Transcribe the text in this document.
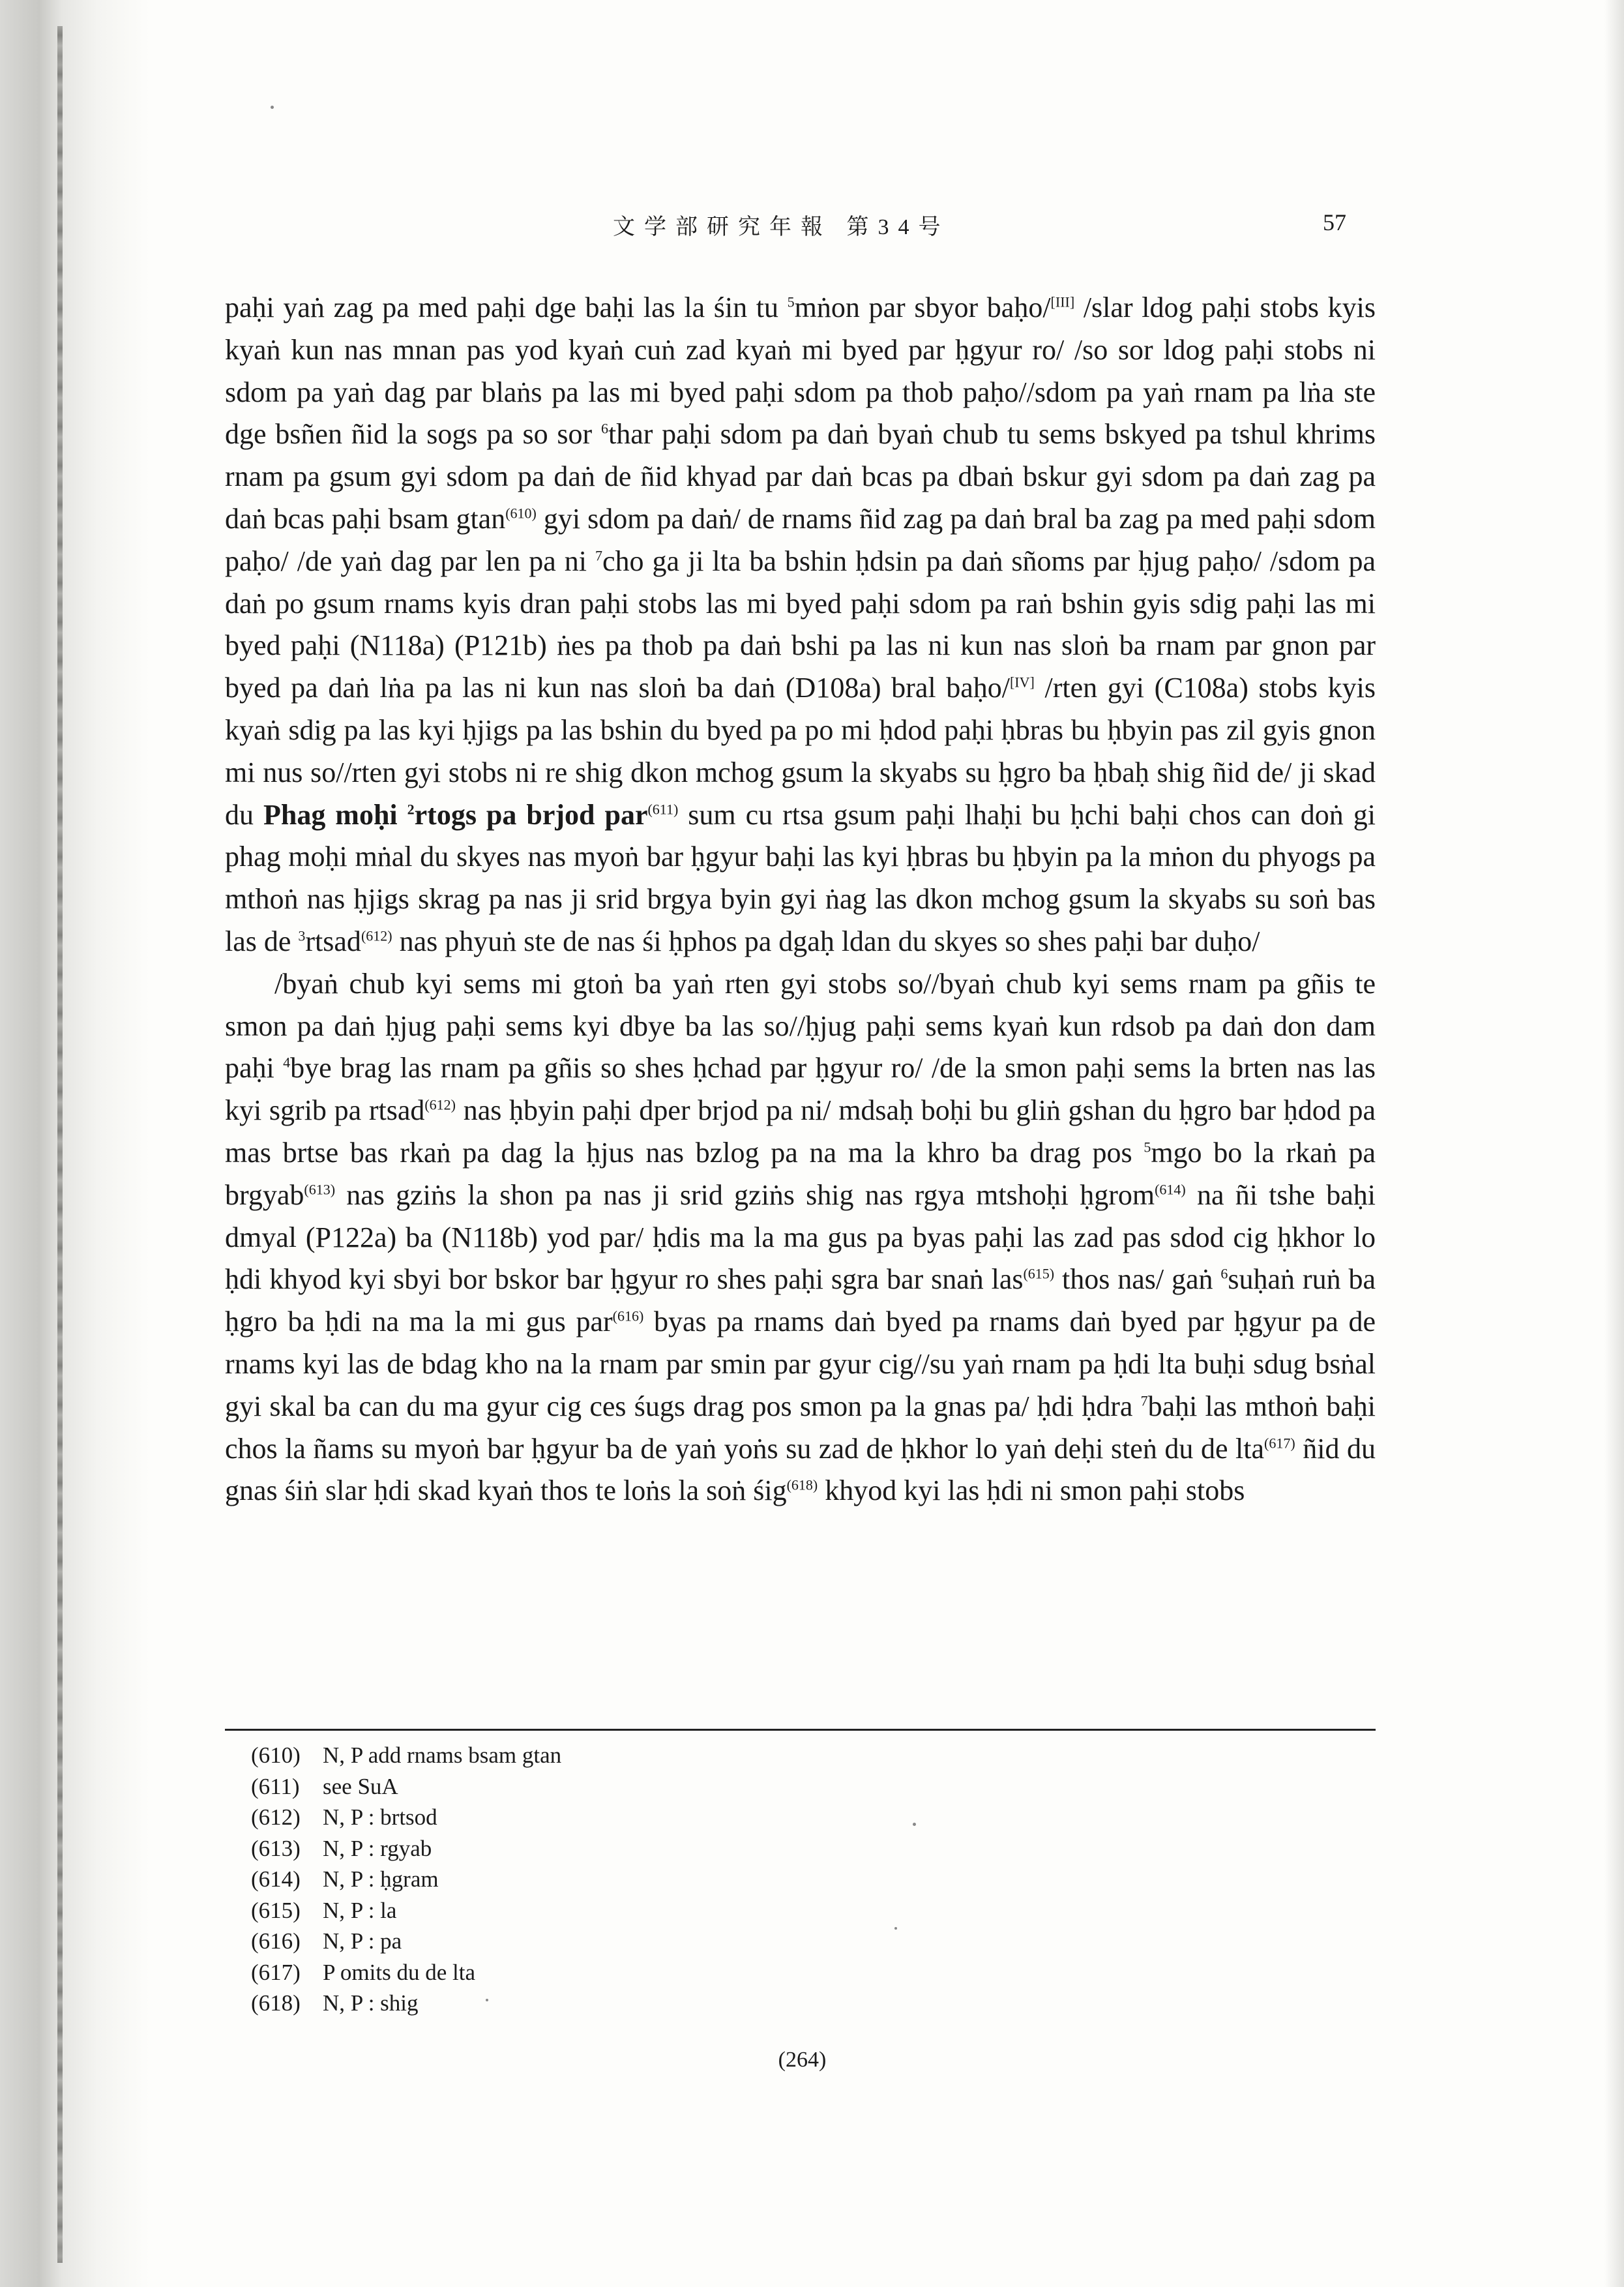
文学部研究年報 第34号	57

paḥi yaṅ zag pa med paḥi dge baḥi las la śin tu $^5$mṅon par sbyor baḥo/[III] /slar ldog paḥi stobs kyis kyaṅ kun nas mnan pas yod kyaṅ cuṅ zad kyaṅ mi byed par ḥgyur ro/ /so sor ldog paḥi stobs ni sdom pa yaṅ dag par blaṅs pa las mi byed paḥi sdom pa thob paḥo//sdom pa yaṅ rnam pa lṅa ste dge bsñen ñid la sogs pa so sor $^6$thar paḥi sdom pa daṅ byaṅ chub tu sems bskyed pa tshul khrims rnam pa gsum gyi sdom pa daṅ de ñid khyad par daṅ bcas pa dbaṅ bskur gyi sdom pa daṅ zag pa daṅ bcas paḥi bsam gtan$^{(610)}$ gyi sdom pa daṅ/ de rnams ñid zag pa daṅ bral ba zag pa med paḥi sdom paḥo/ /de yaṅ dag par len pa ni $^7$cho ga ji lta ba bshin ḥdsin pa daṅ sñoms par ḥjug paḥo/ /sdom pa daṅ po gsum rnams kyis dran paḥi stobs las mi byed paḥi sdom pa raṅ bshin gyis sdig paḥi las mi byed paḥi (N118a) (P121b) ṅes pa thob pa daṅ bshi pa las ni kun nas sloṅ ba rnam par gnon par byed pa daṅ lṅa pa las ni kun nas sloṅ ba daṅ (D108a) bral baḥo/[IV] /rten gyi (C108a) stobs kyis kyaṅ sdig pa las kyi ḥjigs pa las bshin du byed pa po mi ḥdod paḥi ḥbras bu ḥbyin pas zil gyis gnon mi nus so//rten gyi stobs ni re shig dkon mchog gsum la skyabs su ḥgro ba ḥbaḥ shig ñid de/ ji skad du Phag moḥi $^2$rtogs pa brjod par$^{(611)}$ sum cu rtsa gsum paḥi lhaḥi bu ḥchi baḥi chos can doṅ gi phag moḥi mṅal du skyes nas myoṅ bar ḥgyur baḥi las kyi ḥbras bu ḥbyin pa la mṅon du phyogs pa mthoṅ nas ḥjigs skrag pa nas ji srid brgya byin gyi ṅag las dkon mchog gsum la skyabs su soṅ bas las de $^3$rtsad$^{(612)}$ nas phyuṅ ste de nas śi ḥphos pa dgaḥ ldan du skyes so shes paḥi bar duḥo/

/byaṅ chub kyi sems mi gtoṅ ba yaṅ rten gyi stobs so//byaṅ chub kyi sems rnam pa gñis te smon pa daṅ ḥjug paḥi sems kyi dbye ba las so//ḥjug paḥi sems kyaṅ kun rdsob pa daṅ don dam paḥi $^4$bye brag las rnam pa gñis so shes ḥchad par ḥgyur ro/ /de la smon paḥi sems la brten nas las kyi sgrib pa rtsad$^{(612)}$ nas ḥbyin paḥi dper brjod pa ni/ mdsaḥ boḥi bu gliṅ gshan du ḥgro bar ḥdod pa mas brtse bas rkaṅ pa dag la ḥjus nas bzlog pa na ma la khro ba drag pos $^5$mgo bo la rkaṅ pa brgyab$^{(613)}$ nas gziṅs la shon pa nas ji srid gziṅs shig nas rgya mtshoḥi ḥgrom$^{(614)}$ na ñi tshe baḥi dmyal (P122a) ba (N118b) yod par/ ḥdis ma la ma gus pa byas paḥi las zad pas sdod cig ḥkhor lo ḥdi khyod kyi sbyi bor bskor bar ḥgyur ro shes paḥi sgra bar snaṅ las$^{(615)}$ thos nas/ gaṅ $^6$suḥaṅ ruṅ ba ḥgro ba ḥdi na ma la mi gus par$^{(616)}$ byas pa rnams daṅ byed pa rnams daṅ byed par ḥgyur pa de rnams kyi las de bdag kho na la rnam par smin par gyur cig//su yaṅ rnam pa ḥdi lta buḥi sdug bsṅal gyi skal ba can du ma gyur cig ces śugs drag pos smon pa la gnas pa/ ḥdi ḥdra $^7$baḥi las mthoṅ baḥi chos la ñams su myoṅ bar ḥgyur ba de yaṅ yoṅs su zad de ḥkhor lo yaṅ deḥi steṅ du de lta$^{(617)}$ ñid du gnas śiṅ slar ḥdi skad kyaṅ thos te loṅs la soṅ śig$^{(618)}$ khyod kyi las ḥdi ni smon paḥi stobs

(610) N, P add rnams bsam gtan
(611)	see SuA
(612) N, P : brtsod
(613) N, P : rgyab
(614) N, P : ḥgram
(615) N, P : la
(616) N, P : pa
(617) P omits du de lta
(618) N, P : shig
(264)
